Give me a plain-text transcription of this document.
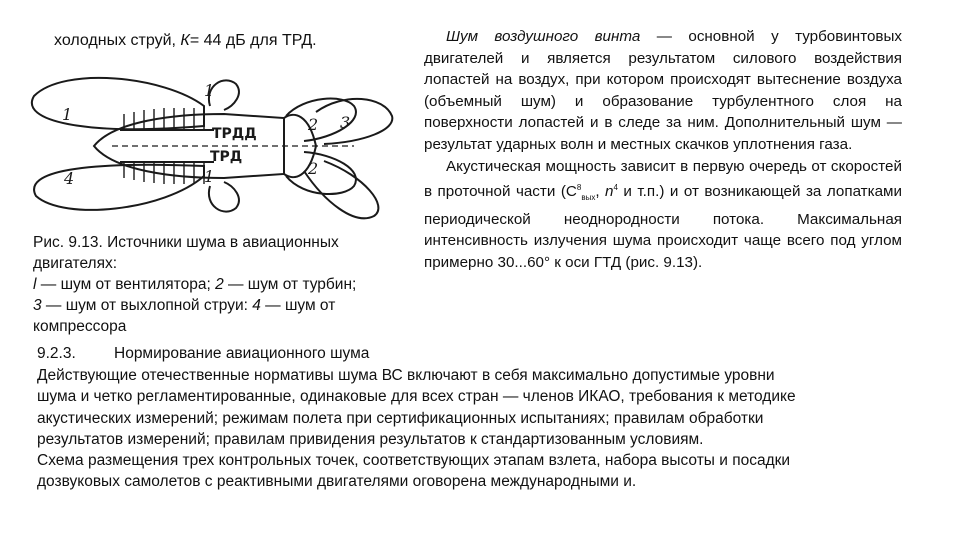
холодных струй, К= 44 дБ для ТРД.
1
4
2 3
2
1
1
ТРДД
ТРД
Рис. 9.13. Источники шума в авиационных
двигателях:
l — шум от вентилятора; 2 — шум от турбин;
3 — шум от выхлопной струи: 4 — шум от
компрессора

Шум воздушного винта — основной у турбовинтовых двигателей и является результатом силового воздействия лопастей на воздух, при котором происходят вытеснение воздуха (объемный шум) и образование турбулентного слоя на поверхности лопастей и в следе за ним. Дополнительный шум — результат ударных волн и местных скачков уплотнения газа.

Акустическая мощность зависит в первую очередь от скоростей в проточной части ($С^8_{вых}$, $n^4$ и т.п.) и от возникающей за лопатками периодической неоднородности потока. Максимальная интенсивность излучения шума происходит чаще всего под углом примерно 30...60° к оси ГТД (рис. 9.13).

9.2.3. Нормирование авиационного шума
Действующие отечественные нормативы шума ВС включают в себя максимально допустимые уровни
шума и четко регламентированные, одинаковые для всех стран — членов ИКАО, требования к методике
акустических измерений; режимам полета при сертификационных испытаниях; правилам обработки
результатов измерений; правилам привидения результатов к стандартизованным условиям.
Схема размещения трех контрольных точек, соответствующих этапам взлета, набора высоты и посадки
дозвуковых самолетов с реактивными двигателями оговорена международными и.
